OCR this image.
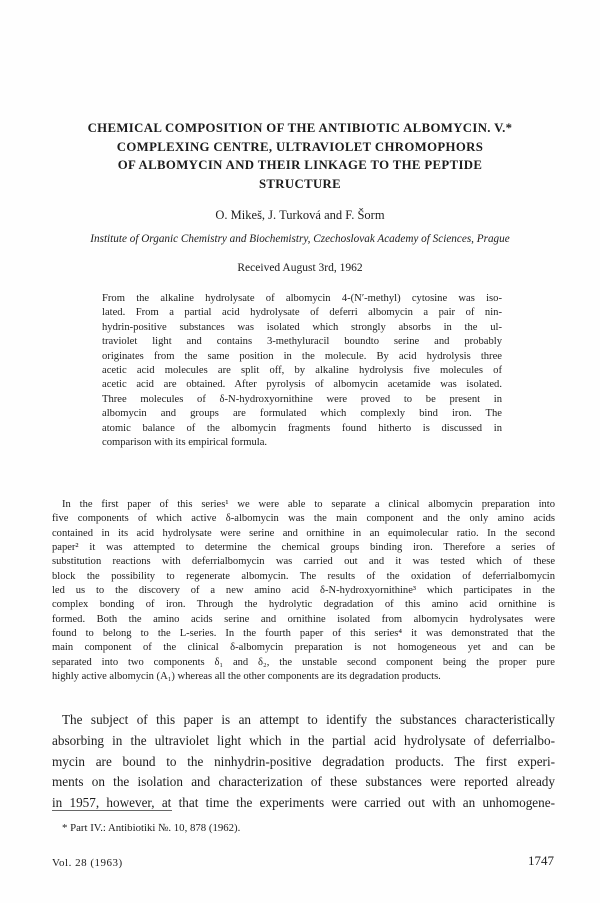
CHEMICAL COMPOSITION OF THE ANTIBIOTIC ALBOMYCIN. V.*
COMPLEXING CENTRE, ULTRAVIOLET CHROMOPHORS
OF ALBOMYCIN AND THEIR LINKAGE TO THE PEPTIDE
STRUCTURE
O. Mikeš, J. Turková and F. Šorm
Institute of Organic Chemistry and Biochemistry, Czechoslovak Academy of Sciences, Prague
Received August 3rd, 1962
From the alkaline hydrolysate of albomycin 4-(N′-methyl) cytosine was iso-
lated. From a partial acid hydrolysate of deferri albomycin a pair of nin-
hydrin-positive substances was isolated which strongly absorbs in the ul-
traviolet light and contains 3-methyluracil boundto serine and probably
originates from the same position in the molecule. By acid hydrolysis three
acetic acid molecules are split off, by alkaline hydrolysis five molecules of
acetic acid are obtained. After pyrolysis of albomycin acetamide was isolated.
Three molecules of δ-N-hydroxyornithine were proved to be present in
albomycin and groups are formulated which complexly bind iron. The
atomic balance of the albomycin fragments found hitherto is discussed in
comparison with its empirical formula.
In the first paper of this series¹ we were able to separate a clinical albomycin preparation into
five components of which active δ-albomycin was the main component and the only amino acids
contained in its acid hydrolysate were serine and ornithine in an equimolecular ratio. In the second
paper² it was attempted to determine the chemical groups binding iron. Therefore a series of
substitution reactions with deferrialbomycin was carried out and it was tested which of these
block the possibility to regenerate albomycin. The results of the oxidation of deferrialbomycin
led us to the discovery of a new amino acid δ-N-hydroxyornithine³ which participates in the
complex bonding of iron. Through the hydrolytic degradation of this amino acid ornithine is
formed. Both the amino acids serine and ornithine isolated from albomycin hydrolysates were
found to belong to the L-series. In the fourth paper of this series⁴ it was demonstrated that the
main component of the clinical δ-albomycin preparation is not homogeneous yet and can be
separated into two components δ₁ and δ₂, the unstable second component being the proper pure
highly active albomycin (A₁) whereas all the other components are its degradation products.
The subject of this paper is an attempt to identify the substances characteristically
absorbing in the ultraviolet light which in the partial acid hydrolysate of deferrialbo-
mycin are bound to the ninhydrin-positive degradation products. The first experi-
ments on the isolation and characterization of these substances were reported already
in 1957, however, at that time the experiments were carried out with an unhomogene-
* Part IV.: Antibiotiki №. 10, 878 (1962).
Vol. 28 (1963)	1747
